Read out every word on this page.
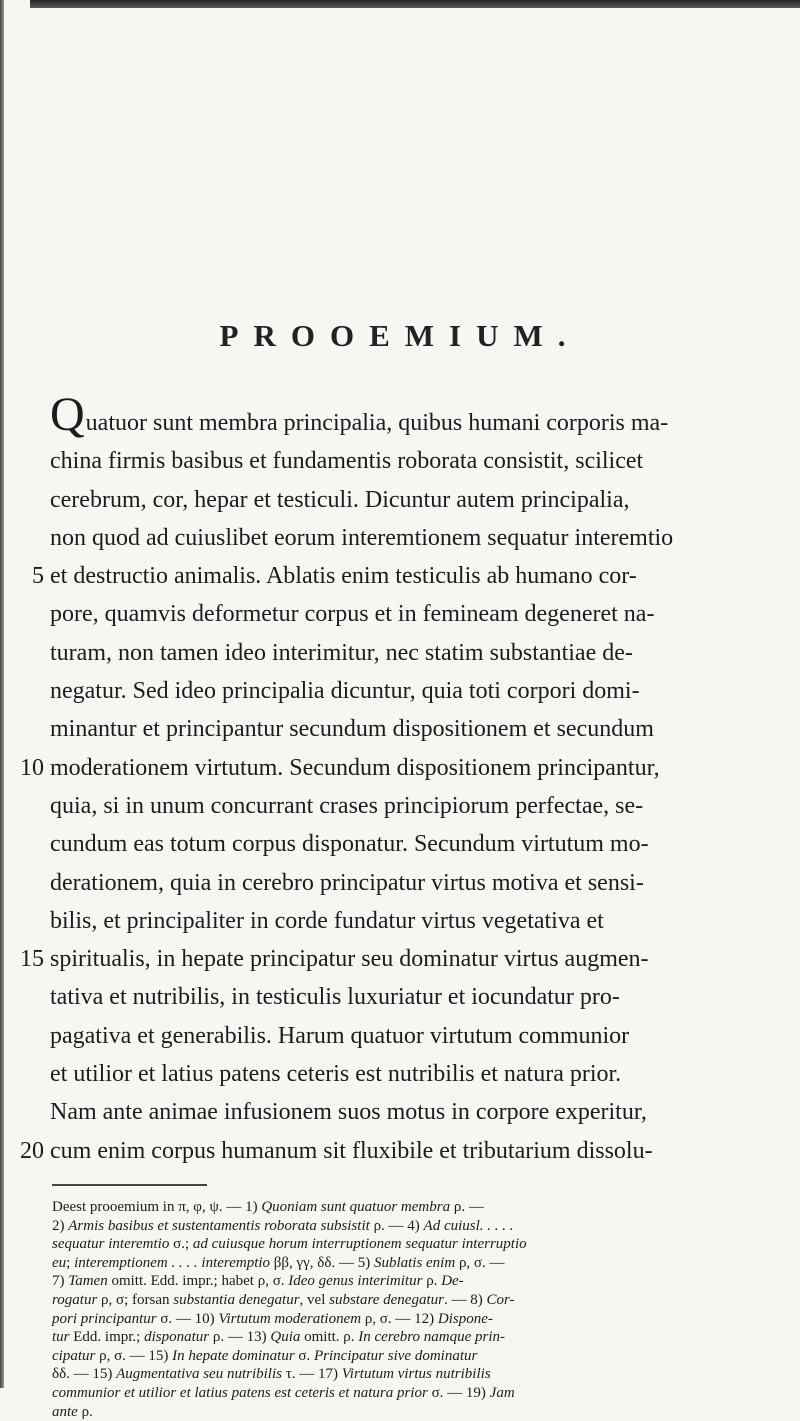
PROOEMIUM.
Quatuor sunt membra principalia, quibus humani corporis ma-
china firmis basibus et fundamentis roborata consistit, scilicet
cerebrum, cor, hepar et testiculi. Dicuntur autem principalia,
non quod ad cuiuslibet eorum interemtionem sequatur interemtio
5 et destructio animalis. Ablatis enim testiculis ab humano cor-
pore, quamvis deformetur corpus et in femineam degeneret na-
turam, non tamen ideo interimitur, nec statim substantiae de-
negatur. Sed ideo principalia dicuntur, quia toti corpori domi-
minantur et principantur secundum dispositionem et secundum
10 moderationem virtutum. Secundum dispositionem principantur,
quia, si in unum concurrant crases principiorum perfectae, se-
cundum eas totum corpus disponatur. Secundum virtutum mo-
derationem, quia in cerebro principatur virtus motiva et sensi-
bilis, et principaliter in corde fundatur virtus vegetativa et
15 spiritualis, in hepate principatur seu dominatur virtus augmen-
tativa et nutribilis, in testiculis luxuriatur et iocundatur pro-
pagativa et generabilis. Harum quatuor virtutum communior
et utilior et latius patens ceteris est nutribilis et natura prior.
Nam ante animae infusionem suos motus in corpore experitur,
20 cum enim corpus humanum sit fluxibile et tributarium dissolu-
Deest prooemium in π, φ, ψ. — 1) Quoniam sunt quatuor membra ρ. —
2) Armis basibus et sustentamentis roborata subsistit ρ. — 4) Ad cuiusl. . . . .
sequatur interemtio σ.; ad cuiusque horum interruptionem sequatur interruptio
eu; interemptionem . . . . interemptio ββ, γγ, δδ. — 5) Sublatis enim ρ, σ. —
7) Tamen omitt. Edd. impr.; habet ρ, σ. Ideo genus interimitur ρ. De-
rogatur ρ, σ; forsan substantia denegatur, vel substare denegatur. — 8) Cor-
pori principantur σ. — 10) Virtutum moderationem ρ, σ. — 12) Dispone-
tur Edd. impr.; disponatur ρ. — 13) Quia omitt. ρ. In cerebro namque prin-
cipatur ρ, σ. — 15) In hepate dominatur σ. Principatur sive dominatur
δδ. — 15) Augmentativa seu nutribilis τ. — 17) Virtutum virtus nutribilis
communior et utilior et latius patens est ceteris et natura prior σ. — 19) Jam
ante ρ.
